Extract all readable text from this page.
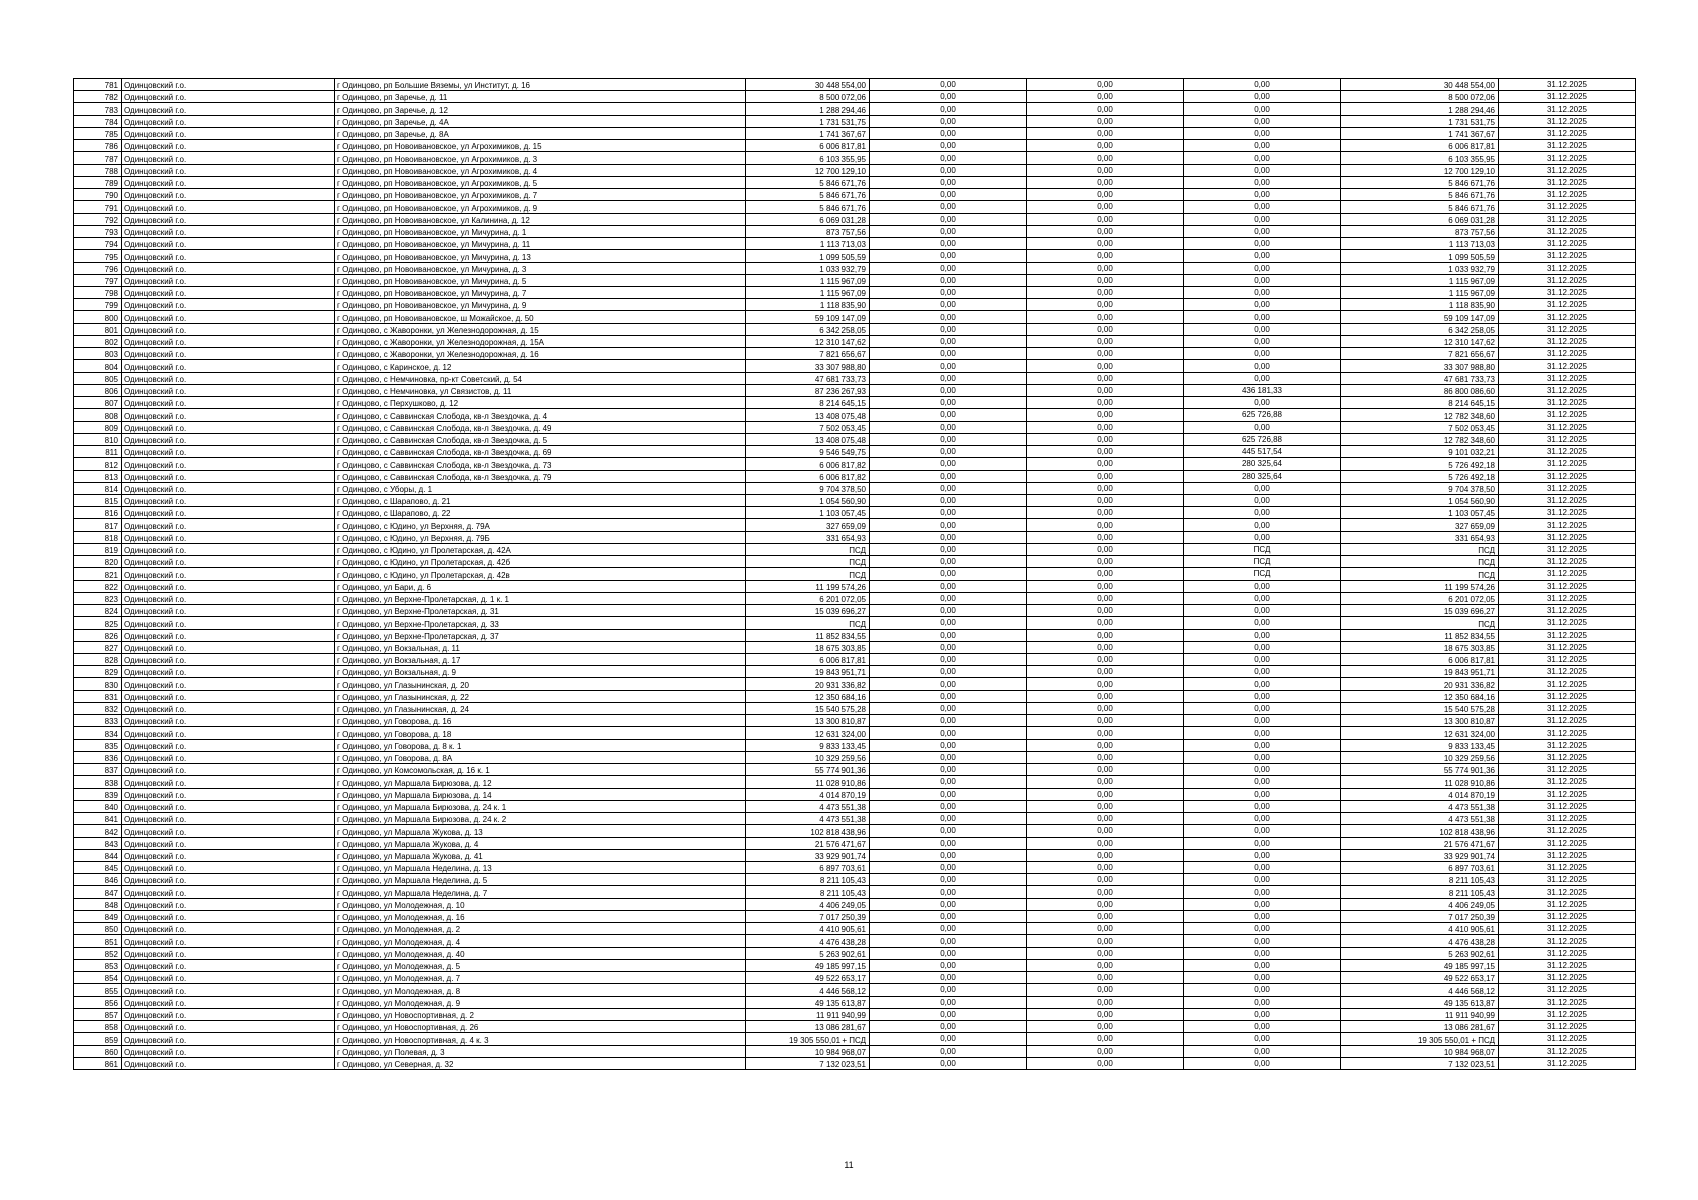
781	Одинцовский г.о.	г Одинцово, рп Большие Вяземы, ул Институт, д. 16	30 448 554,00	0,00	0,00	0,00	30 448 554,00	31.12.2025
782	Одинцовский г.о.	г Одинцово, рп Заречье, д. 11	8 500 072,06	0,00	0,00	0,00	8 500 072,06	31.12.2025
783	Одинцовский г.о.	г Одинцово, рп Заречье, д. 12	1 288 294,46	0,00	0,00	0,00	1 288 294,46	31.12.2025
784	Одинцовский г.о.	г Одинцово, рп Заречье, д. 4А	1 731 531,75	0,00	0,00	0,00	1 731 531,75	31.12.2025
785	Одинцовский г.о.	г Одинцово, рп Заречье, д. 8А	1 741 367,67	0,00	0,00	0,00	1 741 367,67	31.12.2025
786	Одинцовский г.о.	г Одинцово, рп Новоивановское, ул Агрохимиков, д. 15	6 006 817,81	0,00	0,00	0,00	6 006 817,81	31.12.2025
787	Одинцовский г.о.	г Одинцово, рп Новоивановское, ул Агрохимиков, д. 3	6 103 355,95	0,00	0,00	0,00	6 103 355,95	31.12.2025
788	Одинцовский г.о.	г Одинцово, рп Новоивановское, ул Агрохимиков, д. 4	12 700 129,10	0,00	0,00	0,00	12 700 129,10	31.12.2025
789	Одинцовский г.о.	г Одинцово, рп Новоивановское, ул Агрохимиков, д. 5	5 846 671,76	0,00	0,00	0,00	5 846 671,76	31.12.2025
790	Одинцовский г.о.	г Одинцово, рп Новоивановское, ул Агрохимиков, д. 7	5 846 671,76	0,00	0,00	0,00	5 846 671,76	31.12.2025
791	Одинцовский г.о.	г Одинцово, рп Новоивановское, ул Агрохимиков, д. 9	5 846 671,76	0,00	0,00	0,00	5 846 671,76	31.12.2025
792	Одинцовский г.о.	г Одинцово, рп Новоивановское, ул Калинина, д. 12	6 069 031,28	0,00	0,00	0,00	6 069 031,28	31.12.2025
793	Одинцовский г.о.	г Одинцово, рп Новоивановское, ул Мичурина, д. 1	873 757,56	0,00	0,00	0,00	873 757,56	31.12.2025
794	Одинцовский г.о.	г Одинцово, рп Новоивановское, ул Мичурина, д. 11	1 113 713,03	0,00	0,00	0,00	1 113 713,03	31.12.2025
795	Одинцовский г.о.	г Одинцово, рп Новоивановское, ул Мичурина, д. 13	1 099 505,59	0,00	0,00	0,00	1 099 505,59	31.12.2025
796	Одинцовский г.о.	г Одинцово, рп Новоивановское, ул Мичурина, д. 3	1 033 932,79	0,00	0,00	0,00	1 033 932,79	31.12.2025
797	Одинцовский г.о.	г Одинцово, рп Новоивановское, ул Мичурина, д. 5	1 115 967,09	0,00	0,00	0,00	1 115 967,09	31.12.2025
798	Одинцовский г.о.	г Одинцово, рп Новоивановское, ул Мичурина, д. 7	1 115 967,09	0,00	0,00	0,00	1 115 967,09	31.12.2025
799	Одинцовский г.о.	г Одинцово, рп Новоивановское, ул Мичурина, д. 9	1 118 835,90	0,00	0,00	0,00	1 118 835,90	31.12.2025
800	Одинцовский г.о.	г Одинцово, рп Новоивановское, ш Можайское, д. 50	59 109 147,09	0,00	0,00	0,00	59 109 147,09	31.12.2025
801	Одинцовский г.о.	г Одинцово, с Жаворонки, ул Железнодорожная, д. 15	6 342 258,05	0,00	0,00	0,00	6 342 258,05	31.12.2025
802	Одинцовский г.о.	г Одинцово, с Жаворонки, ул Железнодорожная, д. 15А	12 310 147,62	0,00	0,00	0,00	12 310 147,62	31.12.2025
803	Одинцовский г.о.	г Одинцово, с Жаворонки, ул Железнодорожная, д. 16	7 821 656,67	0,00	0,00	0,00	7 821 656,67	31.12.2025
804	Одинцовский г.о.	г Одинцово, с Каринское, д. 12	33 307 988,80	0,00	0,00	0,00	33 307 988,80	31.12.2025
805	Одинцовский г.о.	г Одинцово, с Немчиновка, пр-кт Советский, д. 54	47 681 733,73	0,00	0,00	0,00	47 681 733,73	31.12.2025
806	Одинцовский г.о.	г Одинцово, с Немчиновка, ул Связистов, д. 11	87 236 267,93	0,00	0,00	436 181,33	86 800 086,60	31.12.2025
807	Одинцовский г.о.	г Одинцово, с Перхушково, д. 12	8 214 645,15	0,00	0,00	0,00	8 214 645,15	31.12.2025
808	Одинцовский г.о.	г Одинцово, с Саввинская Слобода, кв-л Звездочка, д. 4	13 408 075,48	0,00	0,00	625 726,88	12 782 348,60	31.12.2025
809	Одинцовский г.о.	г Одинцово, с Саввинская Слобода, кв-л Звездочка, д. 49	7 502 053,45	0,00	0,00	0,00	7 502 053,45	31.12.2025
810	Одинцовский г.о.	г Одинцово, с Саввинская Слобода, кв-л Звездочка, д. 5	13 408 075,48	0,00	0,00	625 726,88	12 782 348,60	31.12.2025
811	Одинцовский г.о.	г Одинцово, с Саввинская Слобода, кв-л Звездочка, д. 69	9 546 549,75	0,00	0,00	445 517,54	9 101 032,21	31.12.2025
812	Одинцовский г.о.	г Одинцово, с Саввинская Слобода, кв-л Звездочка, д. 73	6 006 817,82	0,00	0,00	280 325,64	5 726 492,18	31.12.2025
813	Одинцовский г.о.	г Одинцово, с Саввинская Слобода, кв-л Звездочка, д. 79	6 006 817,82	0,00	0,00	280 325,64	5 726 492,18	31.12.2025
814	Одинцовский г.о.	г Одинцово, с Уборы, д. 1	9 704 378,50	0,00	0,00	0,00	9 704 378,50	31.12.2025
815	Одинцовский г.о.	г Одинцово, с Шарапово, д. 21	1 054 560,90	0,00	0,00	0,00	1 054 560,90	31.12.2025
816	Одинцовский г.о.	г Одинцово, с Шарапово, д. 22	1 103 057,45	0,00	0,00	0,00	1 103 057,45	31.12.2025
817	Одинцовский г.о.	г Одинцово, с Юдино, ул Верхняя, д. 79А	327 659,09	0,00	0,00	0,00	327 659,09	31.12.2025
818	Одинцовский г.о.	г Одинцово, с Юдино, ул Верхняя, д. 79Б	331 654,93	0,00	0,00	0,00	331 654,93	31.12.2025
819	Одинцовский г.о.	г Одинцово, с Юдино, ул Пролетарская, д. 42А	ПСД	0,00	0,00	ПСД	ПСД	31.12.2025
820	Одинцовский г.о.	г Одинцово, с Юдино, ул Пролетарская, д. 42б	ПСД	0,00	0,00	ПСД	ПСД	31.12.2025
821	Одинцовский г.о.	г Одинцово, с Юдино, ул Пролетарская, д. 42в	ПСД	0,00	0,00	ПСД	ПСД	31.12.2025
822	Одинцовский г.о.	г Одинцово, ул Бари, д. 6	11 199 574,26	0,00	0,00	0,00	11 199 574,26	31.12.2025
823	Одинцовский г.о.	г Одинцово, ул Верхне-Пролетарская, д. 1 к. 1	6 201 072,05	0,00	0,00	0,00	6 201 072,05	31.12.2025
824	Одинцовский г.о.	г Одинцово, ул Верхне-Пролетарская, д. 31	15 039 696,27	0,00	0,00	0,00	15 039 696,27	31.12.2025
825	Одинцовский г.о.	г Одинцово, ул Верхне-Пролетарская, д. 33	ПСД	0,00	0,00	0,00	ПСД	31.12.2025
826	Одинцовский г.о.	г Одинцово, ул Верхне-Пролетарская, д. 37	11 852 834,55	0,00	0,00	0,00	11 852 834,55	31.12.2025
827	Одинцовский г.о.	г Одинцово, ул Вокзальная, д. 11	18 675 303,85	0,00	0,00	0,00	18 675 303,85	31.12.2025
828	Одинцовский г.о.	г Одинцово, ул Вокзальная, д. 17	6 006 817,81	0,00	0,00	0,00	6 006 817,81	31.12.2025
829	Одинцовский г.о.	г Одинцово, ул Вокзальная, д. 9	19 843 951,71	0,00	0,00	0,00	19 843 951,71	31.12.2025
830	Одинцовский г.о.	г Одинцово, ул Глазынинская, д. 20	20 931 336,82	0,00	0,00	0,00	20 931 336,82	31.12.2025
831	Одинцовский г.о.	г Одинцово, ул Глазынинская, д. 22	12 350 684,16	0,00	0,00	0,00	12 350 684,16	31.12.2025
832	Одинцовский г.о.	г Одинцово, ул Глазынинская, д. 24	15 540 575,28	0,00	0,00	0,00	15 540 575,28	31.12.2025
833	Одинцовский г.о.	г Одинцово, ул Говорова, д. 16	13 300 810,87	0,00	0,00	0,00	13 300 810,87	31.12.2025
834	Одинцовский г.о.	г Одинцово, ул Говорова, д. 18	12 631 324,00	0,00	0,00	0,00	12 631 324,00	31.12.2025
835	Одинцовский г.о.	г Одинцово, ул Говорова, д. 8 к. 1	9 833 133,45	0,00	0,00	0,00	9 833 133,45	31.12.2025
836	Одинцовский г.о.	г Одинцово, ул Говорова, д. 8А	10 329 259,56	0,00	0,00	0,00	10 329 259,56	31.12.2025
837	Одинцовский г.о.	г Одинцово, ул Комсомольская, д. 16 к. 1	55 774 901,36	0,00	0,00	0,00	55 774 901,36	31.12.2025
838	Одинцовский г.о.	г Одинцово, ул Маршала Бирюзова, д. 12	11 028 910,86	0,00	0,00	0,00	11 028 910,86	31.12.2025
839	Одинцовский г.о.	г Одинцово, ул Маршала Бирюзова, д. 14	4 014 870,19	0,00	0,00	0,00	4 014 870,19	31.12.2025
840	Одинцовский г.о.	г Одинцово, ул Маршала Бирюзова, д. 24 к. 1	4 473 551,38	0,00	0,00	0,00	4 473 551,38	31.12.2025
841	Одинцовский г.о.	г Одинцово, ул Маршала Бирюзова, д. 24 к. 2	4 473 551,38	0,00	0,00	0,00	4 473 551,38	31.12.2025
842	Одинцовский г.о.	г Одинцово, ул Маршала Жукова, д. 13	102 818 438,96	0,00	0,00	0,00	102 818 438,96	31.12.2025
843	Одинцовский г.о.	г Одинцово, ул Маршала Жукова, д. 4	21 576 471,67	0,00	0,00	0,00	21 576 471,67	31.12.2025
844	Одинцовский г.о.	г Одинцово, ул Маршала Жукова, д. 41	33 929 901,74	0,00	0,00	0,00	33 929 901,74	31.12.2025
845	Одинцовский г.о.	г Одинцово, ул Маршала Неделина, д. 13	6 897 703,61	0,00	0,00	0,00	6 897 703,61	31.12.2025
846	Одинцовский г.о.	г Одинцово, ул Маршала Неделина, д. 5	8 211 105,43	0,00	0,00	0,00	8 211 105,43	31.12.2025
847	Одинцовский г.о.	г Одинцово, ул Маршала Неделина, д. 7	8 211 105,43	0,00	0,00	0,00	8 211 105,43	31.12.2025
848	Одинцовский г.о.	г Одинцово, ул Молодежная, д. 10	4 406 249,05	0,00	0,00	0,00	4 406 249,05	31.12.2025
849	Одинцовский г.о.	г Одинцово, ул Молодежная, д. 16	7 017 250,39	0,00	0,00	0,00	7 017 250,39	31.12.2025
850	Одинцовский г.о.	г Одинцово, ул Молодежная, д. 2	4 410 905,61	0,00	0,00	0,00	4 410 905,61	31.12.2025
851	Одинцовский г.о.	г Одинцово, ул Молодежная, д. 4	4 476 438,28	0,00	0,00	0,00	4 476 438,28	31.12.2025
852	Одинцовский г.о.	г Одинцово, ул Молодежная, д. 40	5 263 902,61	0,00	0,00	0,00	5 263 902,61	31.12.2025
853	Одинцовский г.о.	г Одинцово, ул Молодежная, д. 5	49 185 997,15	0,00	0,00	0,00	49 185 997,15	31.12.2025
854	Одинцовский г.о.	г Одинцово, ул Молодежная, д. 7	49 522 653,17	0,00	0,00	0,00	49 522 653,17	31.12.2025
855	Одинцовский г.о.	г Одинцово, ул Молодежная, д. 8	4 446 568,12	0,00	0,00	0,00	4 446 568,12	31.12.2025
856	Одинцовский г.о.	г Одинцово, ул Молодежная, д. 9	49 135 613,87	0,00	0,00	0,00	49 135 613,87	31.12.2025
857	Одинцовский г.о.	г Одинцово, ул Новоспортивная, д. 2	11 911 940,99	0,00	0,00	0,00	11 911 940,99	31.12.2025
858	Одинцовский г.о.	г Одинцово, ул Новоспортивная, д. 26	13 086 281,67	0,00	0,00	0,00	13 086 281,67	31.12.2025
859	Одинцовский г.о.	г Одинцово, ул Новоспортивная, д. 4 к. 3	19 305 550,01 + ПСД	0,00	0,00	0,00	19 305 550,01 + ПСД	31.12.2025
860	Одинцовский г.о.	г Одинцово, ул Полевая, д. 3	10 984 968,07	0,00	0,00	0,00	10 984 968,07	31.12.2025
861	Одинцовский г.о.	г Одинцово, ул Северная, д. 32	7 132 023,51	0,00	0,00	0,00	7 132 023,51	31.12.2025
11
